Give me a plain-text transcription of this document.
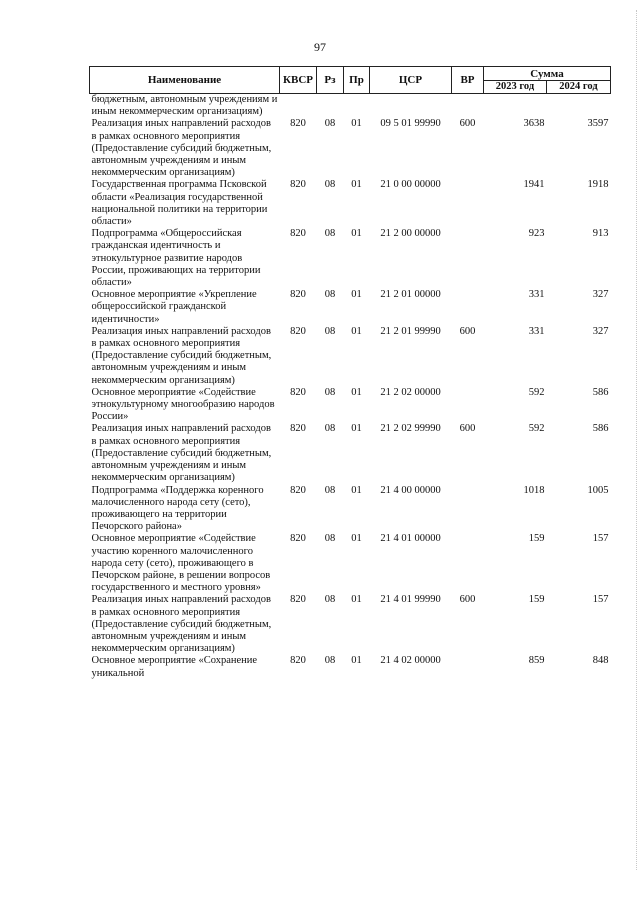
97
Наименование	КВСР	Рз	Пр	ЦСР	ВР	Сумма	
						2023 год	2024 год
бюджетным, автономным учреждениям и иным некоммерческим организациям)							
Реализация иных направлений расходов в рамках основного мероприятия (Предоставление субсидий бюджетным, автономным учреждениям и иным некоммерческим организациям)	820	08	01	09 5 01 99990	600	3638	3597
Государственная программа Псковской области «Реализация государственной национальной политики на территории области»	820	08	01	21 0 00 00000		1941	1918
Подпрограмма «Общероссийская гражданская идентичность и этнокультурное развитие народов России, проживающих на территории области»	820	08	01	21 2 00 00000		923	913
Основное мероприятие «Укрепление общероссийской гражданской идентичности»	820	08	01	21 2 01 00000		331	327
Реализация иных направлений расходов в рамках основного мероприятия (Предоставление субсидий бюджетным, автономным учреждениям и иным некоммерческим организациям)	820	08	01	21 2 01 99990	600	331	327
Основное мероприятие «Содействие этнокультурному многообразию народов России»	820	08	01	21 2 02 00000		592	586
Реализация иных направлений расходов в рамках основного мероприятия (Предоставление субсидий бюджетным, автономным учреждениям и иным некоммерческим организациям)	820	08	01	21 2 02 99990	600	592	586
Подпрограмма «Поддержка коренного малочисленного народа сету (сето), проживающего на территории Печорского района»	820	08	01	21 4 00 00000		1018	1005
Основное мероприятие «Содействие участию коренного малочисленного народа сету (сето), проживающего в Печорском районе, в решении вопросов государственного и местного уровня»	820	08	01	21 4 01 00000		159	157
Реализация иных направлений расходов в рамках основного мероприятия (Предоставление субсидий бюджетным, автономным учреждениям и иным некоммерческим организациям)	820	08	01	21 4 01 99990	600	159	157
Основное мероприятие «Сохранение уникальной	820	08	01	21 4 02 00000		859	848
